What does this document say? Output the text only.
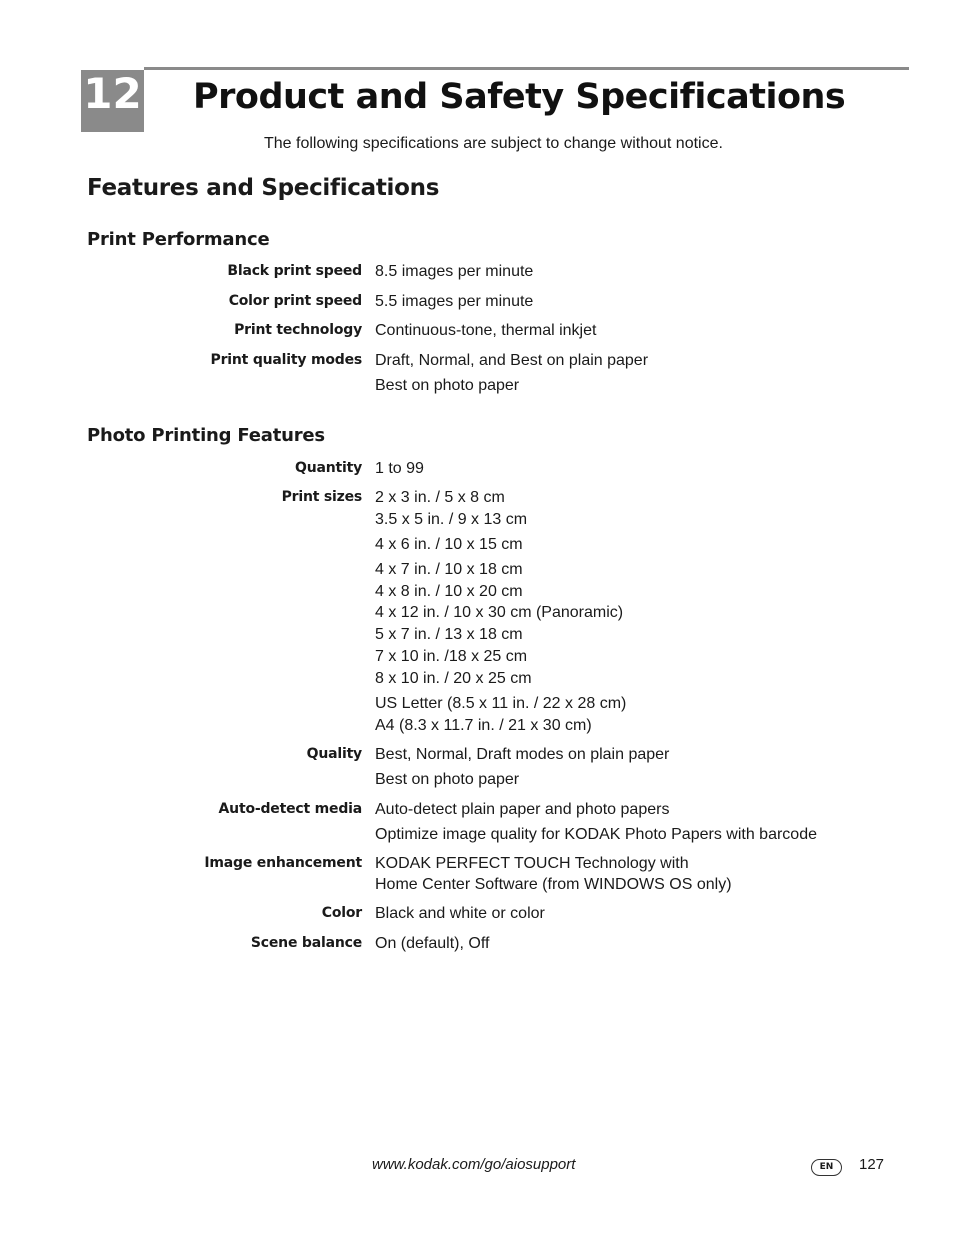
12 Product and Safety Specifications
The following specifications are subject to change without notice.
Features and Specifications
Print Performance
Black print speed 8.5 images per minute
Color print speed 5.5 images per minute
Print technology Continuous-tone, thermal inkjet
Print quality modes Draft, Normal, and Best on plain paper
Best on photo paper
Photo Printing Features
Quantity 1 to 99
Print sizes 2 x 3 in. / 5 x 8 cm
3.5 x 5 in. / 9 x 13 cm
4 x 6 in. / 10 x 15 cm
4 x 7 in. / 10 x 18 cm
4 x 8 in. / 10 x 20 cm
4 x 12 in. / 10 x 30 cm (Panoramic)
5 x 7 in. / 13 x 18 cm
7 x 10 in. /18 x 25 cm
8 x 10 in. / 20 x 25 cm
US Letter (8.5 x 11 in. / 22 x 28 cm)
A4 (8.3 x 11.7 in. / 21 x 30 cm)
Quality Best, Normal, Draft modes on plain paper
Best on photo paper
Auto-detect media Auto-detect plain paper and photo papers
Optimize image quality for KODAK Photo Papers with barcode
Image enhancement KODAK PERFECT TOUCH Technology with
Home Center Software (from WINDOWS OS only)
Color Black and white or color
Scene balance On (default), Off
www.kodak.com/go/aiosupport	EN	127
